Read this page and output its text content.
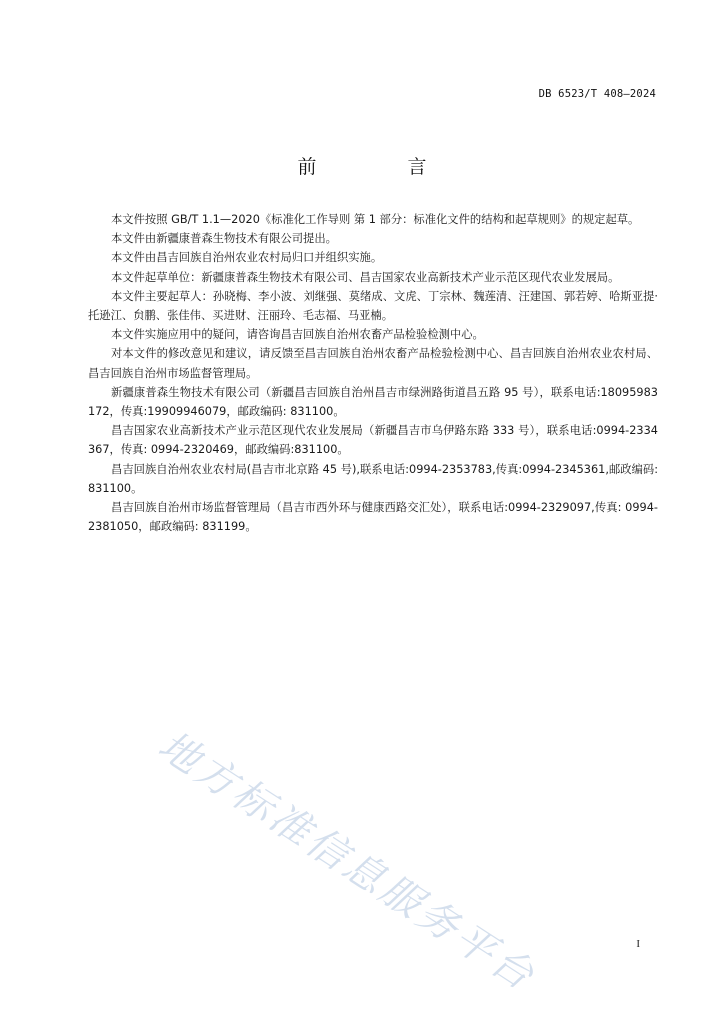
DB 6523/T 408—2024
前　言

本文件按照 GB/T 1.1—2020《标准化工作导则 第 1 部分：标准化文件的结构和起草规则》的规定起草。

本文件由新疆康普森生物技术有限公司提出。

本文件由昌吉回族自治州农业农村局归口并组织实施。

本文件起草单位：新疆康普森生物技术有限公司、昌吉国家农业高新技术产业示范区现代农业发展局。

本文件主要起草人：孙晓梅、李小波、刘继强、莫绪成、文虎、丁宗林、魏莲清、汪建国、郭若婷、哈斯亚提·托逊江、贠鹏、张佳伟、买进财、汪丽玲、毛志福、马亚楠。

本文件实施应用中的疑问，请咨询昌吉回族自治州农畜产品检验检测中心。

对本文件的修改意见和建议，请反馈至昌吉回族自治州农畜产品检验检测中心、昌吉回族自治州农业农村局、昌吉回族自治州市场监督管理局。

新疆康普森生物技术有限公司（新疆昌吉回族自治州昌吉市绿洲路街道昌五路 95 号），联系电话:18095983172，传真:19909946079，邮政编码: 831100。

昌吉国家农业高新技术产业示范区现代农业发展局（新疆昌吉市乌伊路东路 333 号），联系电话:0994-2334367，传真: 0994-2320469，邮政编码:831100。

昌吉回族自治州农业农村局(昌吉市北京路 45 号),联系电话:0994-2353783,传真:0994-2345361,邮政编码: 831100。

昌吉回族自治州市场监督管理局（昌吉市西外环与健康西路交汇处），联系电话:0994-2329097,传真: 0994-2381050，邮政编码: 831199。

地方标准信息服务平台	I
